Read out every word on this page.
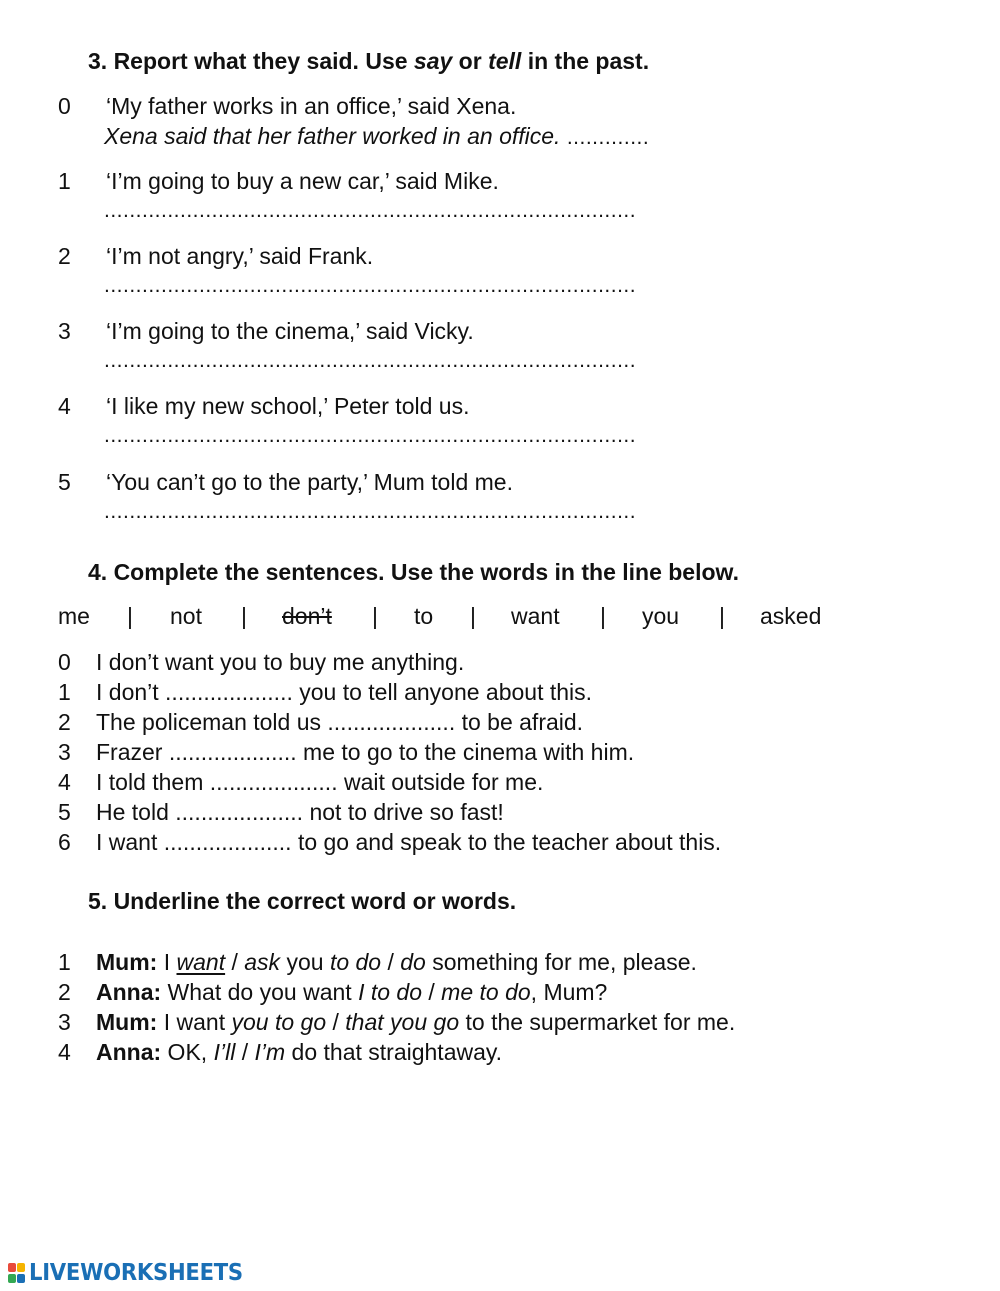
3. Report what they said. Use say or tell in the past.
0 ‘My father works in an office,’ said Xena.
Xena said that her father worked in an office. .............
1 ‘I’m going to buy a new car,’ said Mike.
....................................................................................
2 ‘I’m not angry,’ said Frank.
....................................................................................
3 ‘I’m going to the cinema,’ said Vicky.
....................................................................................
4 ‘I like my new school,’ Peter told us.
....................................................................................
5 ‘You can’t go to the party,’ Mum told me.
....................................................................................
4. Complete the sentences. Use the words in the line below.
me | not | don’t | to | want | you | asked
0 I don’t want you to buy me anything.
1 I don’t .................... you to tell anyone about this.
2 The policeman told us .................... to be afraid.
3 Frazer .................... me to go to the cinema with him.
4 I told them .................... wait outside for me.
5 He told .................... not to drive so fast!
6 I want .................... to go and speak to the teacher about this.
5. Underline the correct word or words.
1 Mum: I want / ask you to do / do something for me, please.
2 Anna: What do you want I to do / me to do, Mum?
3 Mum: I want you to go / that you go to the supermarket for me.
4 Anna: OK, I’ll / I’m do that straightaway.
LIVEWORKSHEETS
